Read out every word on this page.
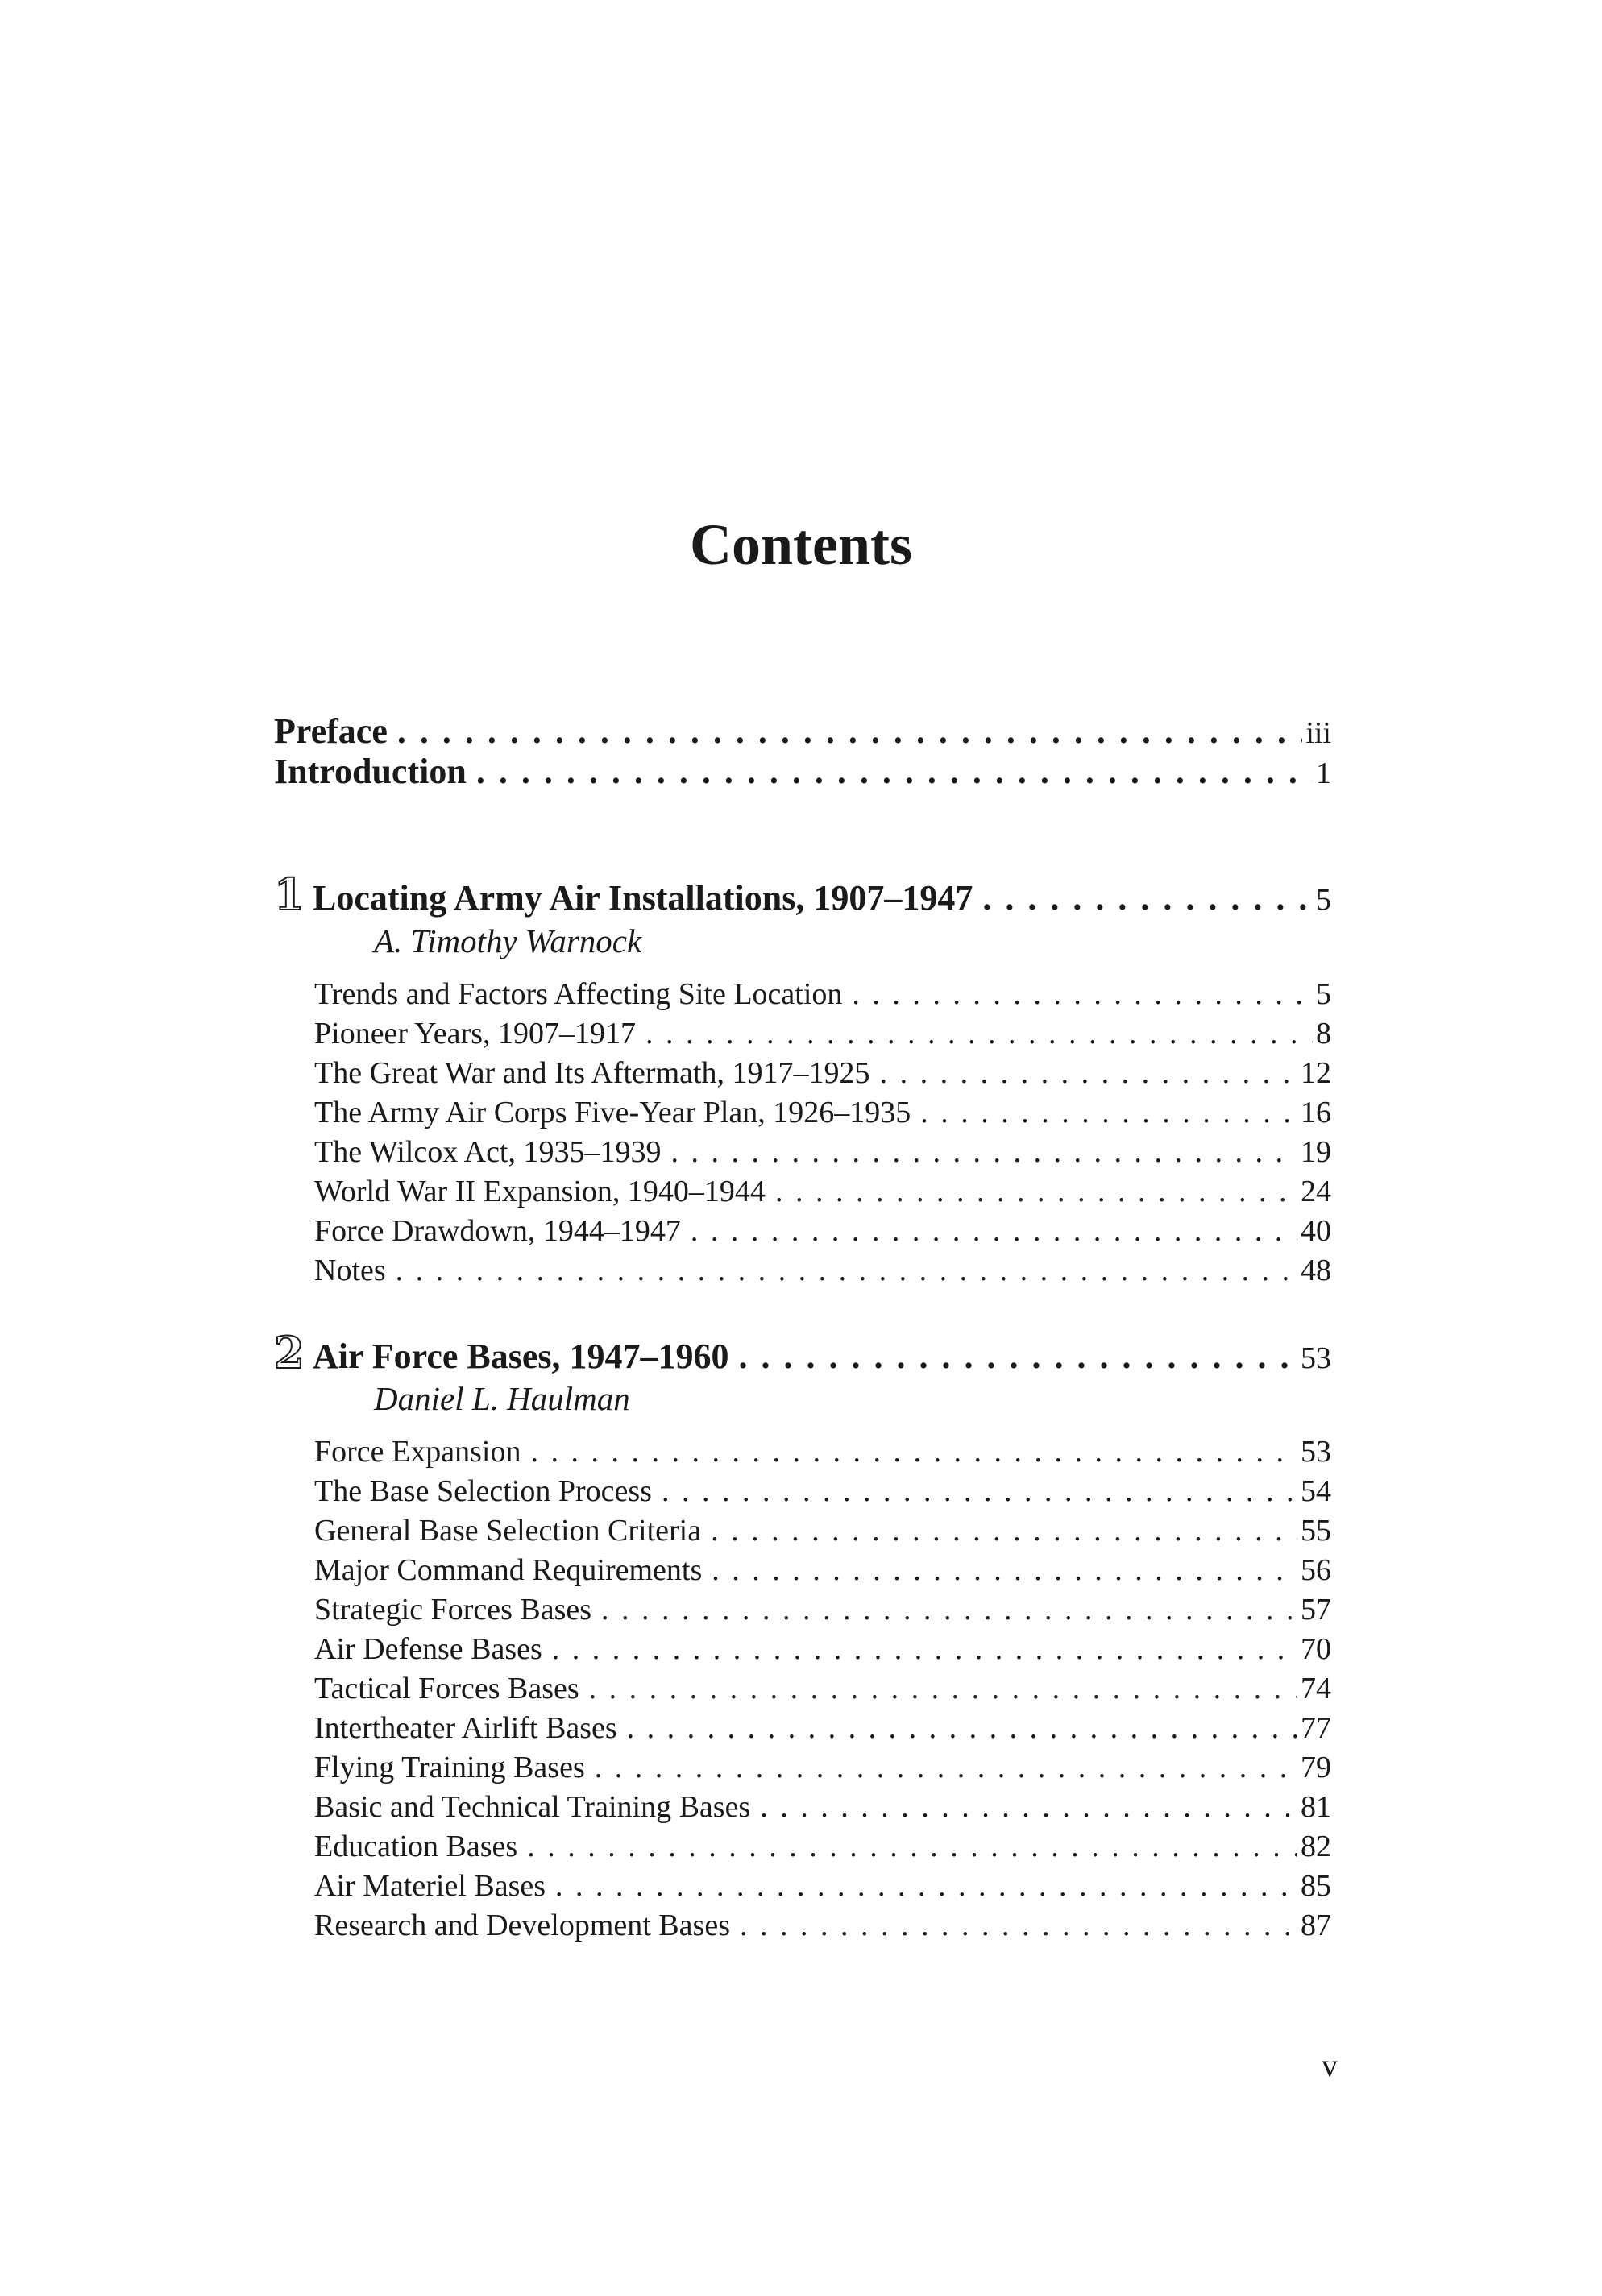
Contents
Preface . . .	iii
Introduction . . .	1
1 Locating Army Air Installations, 1907–1947 . . .	5
A. Timothy Warnock
Trends and Factors Affecting Site Location . . .	5
Pioneer Years, 1907–1917 . . .	8
The Great War and Its Aftermath, 1917–1925 . . .	12
The Army Air Corps Five-Year Plan, 1926–1935 . . .	16
The Wilcox Act, 1935–1939 . . .	19
World War II Expansion, 1940–1944 . . .	24
Force Drawdown, 1944–1947 . . .	40
Notes . . .	48
2 Air Force Bases, 1947–1960 . . .	53
Daniel L. Haulman
Force Expansion . . .	53
The Base Selection Process . . .	54
General Base Selection Criteria . . .	55
Major Command Requirements . . .	56
Strategic Forces Bases . . .	57
Air Defense Bases . . .	70
Tactical Forces Bases . . .	74
Intertheater Airlift Bases . . .	77
Flying Training Bases . . .	79
Basic and Technical Training Bases . . .	81
Education Bases . . .	82
Air Materiel Bases . . .	85
Research and Development Bases . . .	87
v
